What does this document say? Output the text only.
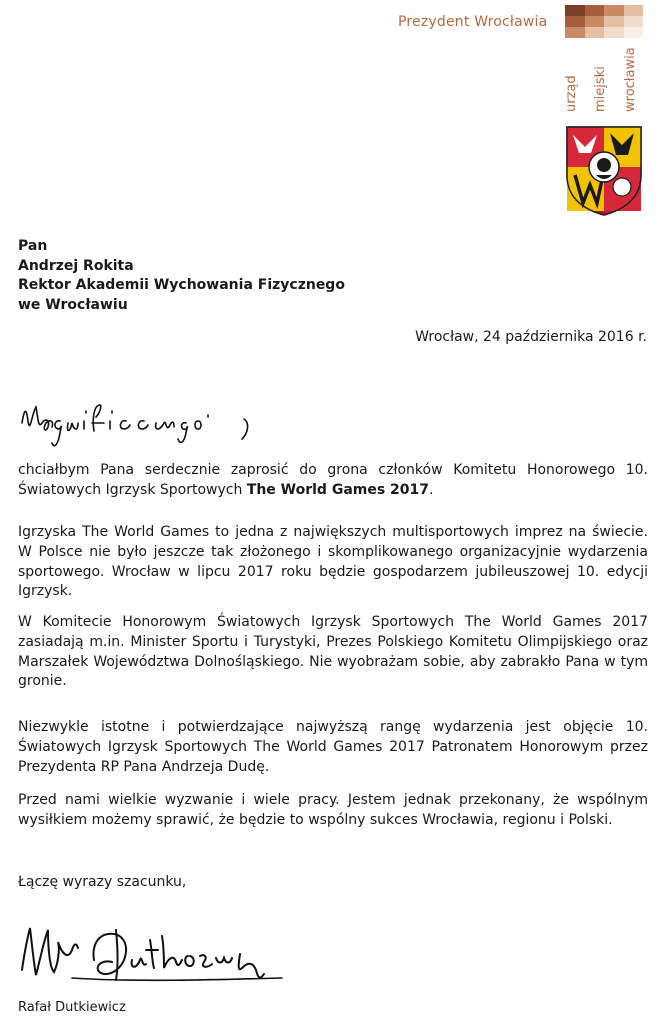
Prezydent Wrocławia
urząd miejski wrocławia
Pan
Andrzej Rokita
Rektor Akademii Wychowania Fizycznego
we Wrocławiu
Wrocław, 24 października 2016 r.
chciałbym Pana serdecznie zaprosić do grona członków Komitetu Honorowego 10. Światowych Igrzysk Sportowych The World Games 2017.
Igrzyska The World Games to jedna z największych multisportowych imprez na świecie. W Polsce nie było jeszcze tak złożonego i skomplikowanego organizacyjnie wydarzenia sportowego. Wrocław w lipcu 2017 roku będzie gospodarzem jubileuszowej 10. edycji Igrzysk.
W Komitecie Honorowym Światowych Igrzysk Sportowych The World Games 2017 zasiadają m.in. Minister Sportu i Turystyki, Prezes Polskiego Komitetu Olimpijskiego oraz Marszałek Województwa Dolnośląskiego. Nie wyobrażam sobie, aby zabrakło Pana w tym gronie.
Niezwykle istotne i potwierdzające najwyższą rangę wydarzenia jest objęcie 10. Światowych Igrzysk Sportowych The World Games 2017 Patronatem Honorowym przez Prezydenta RP Pana Andrzeja Dudę.
Przed nami wielkie wyzwanie i wiele pracy. Jestem jednak przekonany, że wspólnym wysiłkiem możemy sprawić, że będzie to wspólny sukces Wrocławia, regionu i Polski.
Łączę wyrazy szacunku,
Rafał Dutkiewicz
